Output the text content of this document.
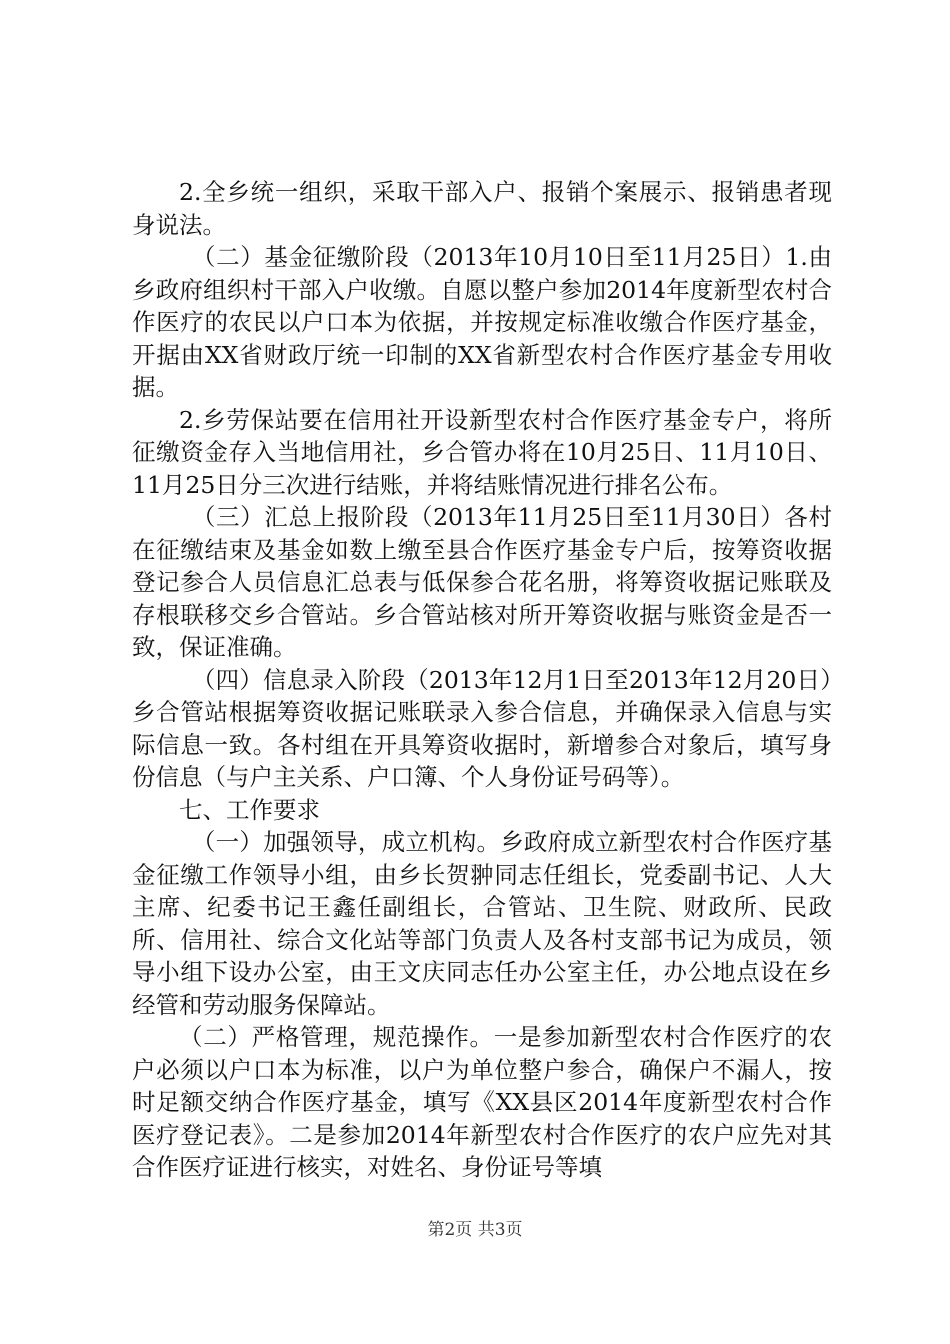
2.全乡统一组织，采取干部入户、报销个案展示、报销患者现身说法。

（二）基金征缴阶段（2013年10月10日至11月25日）1.由乡政府组织村干部入户收缴。自愿以整户参加2014年度新型农村合作医疗的农民以户口本为依据，并按规定标准收缴合作医疗基金，开据由XX省财政厅统一印制的XX省新型农村合作医疗基金专用收据。

2.乡劳保站要在信用社开设新型农村合作医疗基金专户，将所征缴资金存入当地信用社，乡合管办将在10月25日、11月10日、11月25日分三次进行结账，并将结账情况进行排名公布。

（三）汇总上报阶段（2013年11月25日至11月30日）各村在征缴结束及基金如数上缴至县合作医疗基金专户后，按筹资收据登记参合人员信息汇总表与低保参合花名册，将筹资收据记账联及存根联移交乡合管站。乡合管站核对所开筹资收据与账资金是否一致，保证准确。

（四）信息录入阶段（2013年12月1日至2013年12月20日）乡合管站根据筹资收据记账联录入参合信息，并确保录入信息与实际信息一致。各村组在开具筹资收据时，新增参合对象后，填写身份信息（与户主关系、户口簿、个人身份证号码等）。

七、工作要求

（一）加强领导，成立机构。乡政府成立新型农村合作医疗基金征缴工作领导小组，由乡长贺翀同志任组长，党委副书记、人大主席、纪委书记王鑫任副组长，合管站、卫生院、财政所、民政所、信用社、综合文化站等部门负责人及各村支部书记为成员，领导小组下设办公室，由王文庆同志任办公室主任，办公地点设在乡经管和劳动服务保障站。

（二）严格管理，规范操作。一是参加新型农村合作医疗的农户必须以户口本为标准，以户为单位整户参合，确保户不漏人，按时足额交纳合作医疗基金，填写《XX县区2014年度新型农村合作医疗登记表》。二是参加2014年新型农村合作医疗的农户应先对其合作医疗证进行核实，对姓名、身份证号等填

第2页 共3页
